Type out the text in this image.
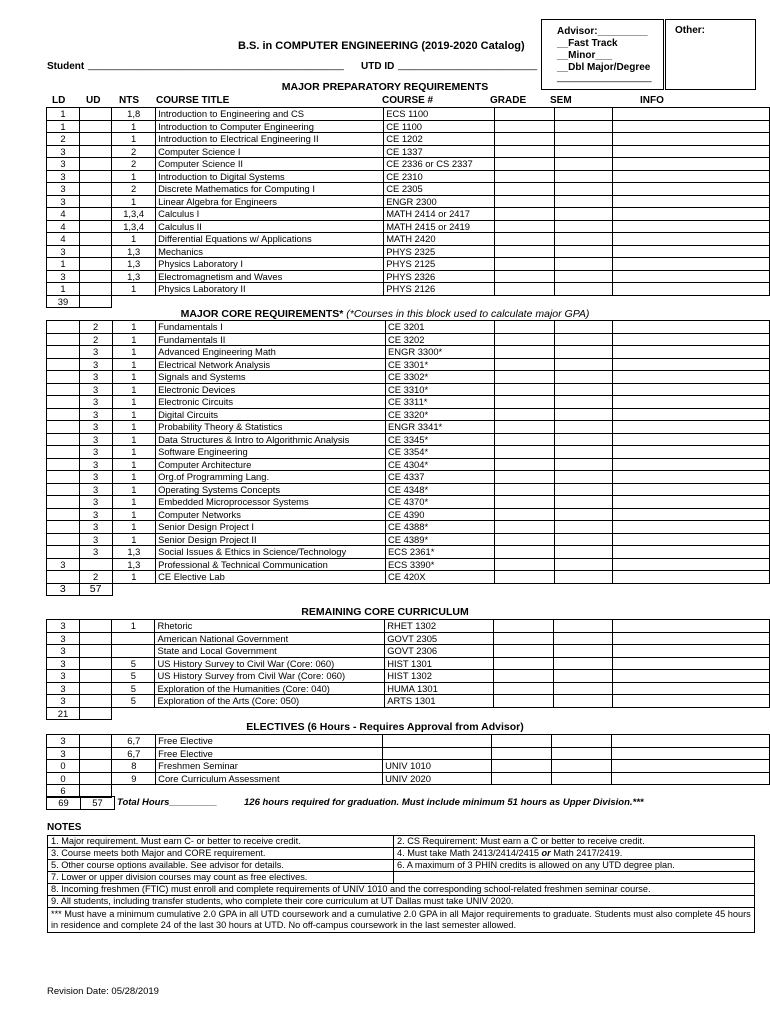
Advisor:_________
__Fast Track
__Minor___
__Dbl Major/Degree
_________________
Other:
B.S. in COMPUTER ENGINEERING (2019-2020 Catalog)
Student ______________________________________________ UTD ID _________________________
MAJOR PREPARATORY REQUIREMENTS
LD UD NTS COURSE TITLE	COURSE #	GRADE SEM	INFO
1		1,8	Introduction to Engineering and CS	ECS 1100			
1		1	Introduction to Computer Engineering	CE 1100			
2		1	Introduction to Electrical Engineering II	CE 1202			
3		2	Computer Science I	CE 1337			
3		2	Computer Science II	CE 2336 or CS 2337			
3		1	Introduction to Digital Systems	CE 2310			
3		2	Discrete Mathematics for Computing I	CE 2305			
3		1	Linear Algebra for Engineers	ENGR 2300			
4		1,3,4	Calculus I	MATH 2414 or 2417			
4		1,3,4	Calculus II	MATH 2415 or 2419			
4		1	Differential Equations w/ Applications	MATH 2420			
3		1,3	Mechanics	PHYS 2325			
1		1,3	Physics Laboratory I	PHYS 2125			
3		1,3	Electromagnetism and Waves	PHYS 2326			
1		1	Physics Laboratory II	PHYS 2126			
39							
MAJOR CORE REQUIREMENTS* (*Courses in this block used to calculate major GPA)
	2	1	Fundamentals I	CE 3201			
	2	1	Fundamentals II	CE 3202			
	3	1	Advanced Engineering Math	ENGR 3300*			
	3	1	Electrical Network Analysis	CE 3301*			
	3	1	Signals and Systems	CE 3302*			
	3	1	Electronic Devices	CE 3310*			
	3	1	Electronic Circuits	CE 3311*			
	3	1	Digital Circuits	CE 3320*			
	3	1	Probability Theory & Statistics	ENGR 3341*			
	3	1	Data Structures & Intro to Algorithmic Analysis	CE 3345*			
	3	1	Software Engineering	CE 3354*			
	3	1	Computer Architecture	CE 4304*			
	3	1	Org.of Programming Lang.	CE 4337			
	3	1	Operating Systems Concepts	CE 4348*			
	3	1	Embedded Microprocessor Systems	CE 4370*			
	3	1	Computer Networks	CE 4390			
	3	1	Senior Design Project I	CE 4388*			
	3	1	Senior Design Project II	CE 4389*			
	3	1,3	Social Issues & Ethics in Science/Technology	ECS 2361*			
3		1,3	Professional & Technical Communication	ECS 3390*			
	2	1	CE Elective Lab	CE 420X			
3	57						
REMAINING CORE CURRICULUM
3		1	Rhetoric	RHET 1302			
3			American National Government	GOVT 2305			
3			State and Local Government	GOVT 2306			
3		5	US History Survey to Civil War (Core: 060)	HIST 1301			
3		5	US History Survey from Civil War (Core: 060)	HIST 1302			
3		5	Exploration of the Humanities (Core: 040)	HUMA 1301			
3		5	Exploration of the Arts (Core: 050)	ARTS 1301			
21							
ELECTIVES (6 Hours - Requires Approval from Advisor)
3		6,7	Free Elective				
3		6,7	Free Elective				
0		8	Freshmen Seminar	UNIV 1010			
0		9	Core Curriculum Assessment	UNIV 2020			
6							
69	57 Total Hours_________	126 hours required for graduation. Must include minimum 51 hours as Upper Division.***
NOTES
1. Major requirement. Must earn C- or better to receive credit.	2. CS Requirement: Must earn a C or better to receive credit.
3. Course meets both Major and CORE requirement.	4. Must take Math 2413/2414/2415 or Math 2417/2419.
5. Other course options available. See advisor for details.	6. A maximum of 3 PHIN credits is allowed on any UTD degree plan.
7. Lower or upper division courses may count as free electives.	
8. Incoming freshmen (FTIC) must enroll and complete requirements of UNIV 1010 and the corresponding school-related freshmen seminar course.	
9. All students, including transfer students, who complete their core curriculum at UT Dallas must take UNIV 2020.	
*** Must have a minimum cumulative 2.0 GPA in all UTD coursework and a cumulative 2.0 GPA in all Major requirements to graduate. Students must also complete 45 hours in residence and complete 24 of the last 30 hours at UTD. No off-campus coursework in the last semester allowed.	
Revision Date: 05/28/2019
